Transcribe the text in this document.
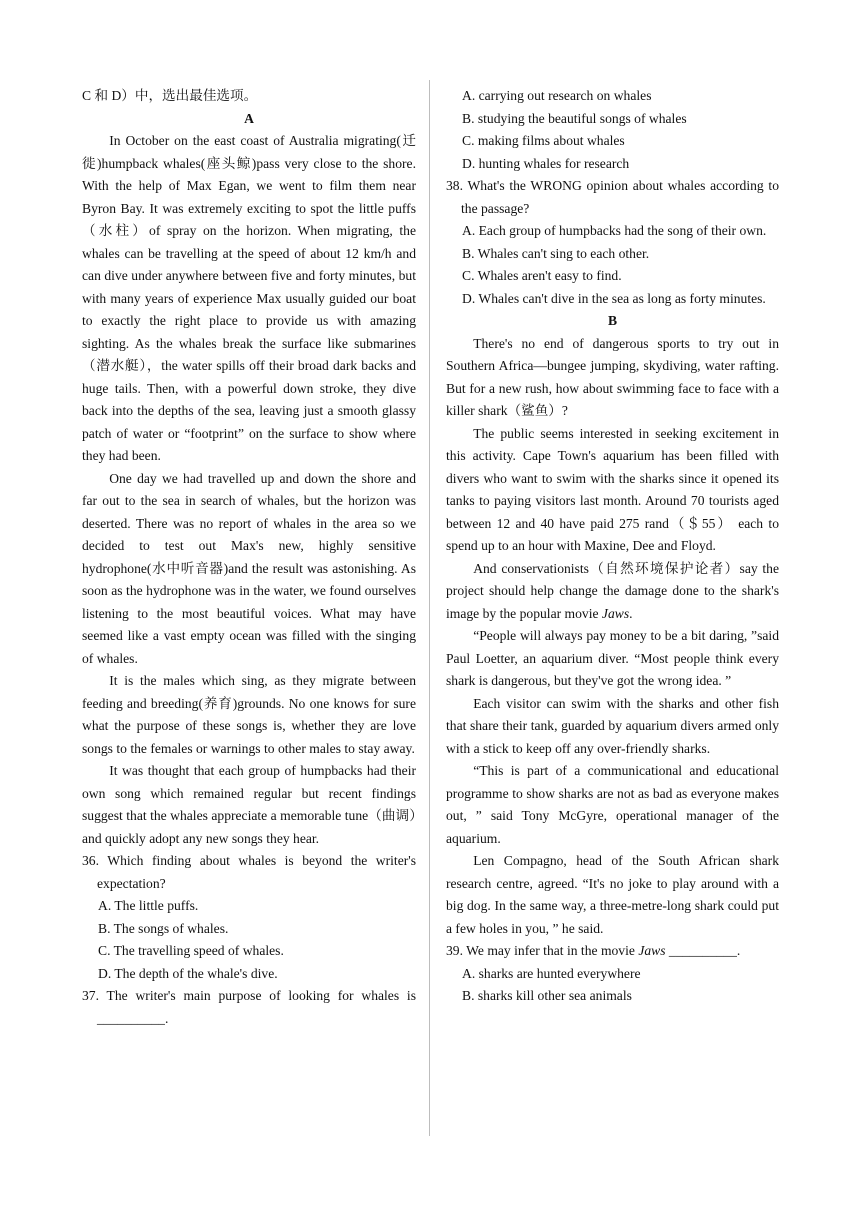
C 和 D）中，选出最佳选项。

A

In October on the east coast of Australia migrating(迁徙)humpback whales(座头鲸)pass very close to the shore. With the help of Max Egan, we went to film them near Byron Bay. It was extremely exciting to spot the little puffs（水柱）of spray on the horizon. When migrating, the whales can be travelling at the speed of about 12 km/h and can dive under anywhere between five and forty minutes, but with many years of experience Max usually guided our boat to exactly the right place to provide us with amazing sighting. As the whales break the surface like submarines（潜水艇），the water spills off their broad dark backs and huge tails. Then, with a powerful down stroke, they dive back into the depths of the sea, leaving just a smooth glassy patch of water or “footprint” on the surface to show where they had been.

One day we had travelled up and down the shore and far out to the sea in search of whales, but the horizon was deserted. There was no report of whales in the area so we decided to test out Max's new, highly sensitive hydrophone(水中听音器)and the result was astonishing. As soon as the hydrophone was in the water, we found ourselves listening to the most beautiful voices. What may have seemed like a vast empty ocean was filled with the singing of whales.

It is the males which sing, as they migrate between feeding and breeding(养育)grounds. No one knows for sure what the purpose of these songs is, whether they are love songs to the females or warnings to other males to stay away.

It was thought that each group of humpbacks had their own song which remained regular but recent findings suggest that the whales appreciate a memorable tune（曲调）and quickly adopt any new songs they hear.

36. Which finding about whales is beyond the writer's expectation?

A. The little puffs.

B. The songs of whales.

C. The travelling speed of whales.

D. The depth of the whale's dive.

37. The writer's main purpose of looking for whales is __________.

A. carrying out research on whales

B. studying the beautiful songs of whales

C. making films about whales

D. hunting whales for research

38. What's the WRONG opinion about whales according to the passage?

A. Each group of humpbacks had the song of their own.

B. Whales can't sing to each other.

C. Whales aren't easy to find.

D. Whales can't dive in the sea as long as forty minutes.

B

There's no end of dangerous sports to try out in Southern Africa—bungee jumping, skydiving, water rafting. But for a new rush, how about swimming face to face with a killer shark（鲨鱼）?

The public seems interested in seeking excitement in this activity. Cape Town's aquarium has been filled with divers who want to swim with the sharks since it opened its tanks to paying visitors last month. Around 70 tourists aged between 12 and 40 have paid 275 rand（＄55） each to spend up to an hour with Maxine, Dee and Floyd.

And conservationists（自然环境保护论者）say the project should help change the damage done to the shark's image by the popular movie Jaws.

“People will always pay money to be a bit daring, ”said Paul Loetter, an aquarium diver. “Most people think every shark is dangerous, but they've got the wrong idea. ”

Each visitor can swim with the sharks and other fish that share their tank, guarded by aquarium divers armed only with a stick to keep off any over-friendly sharks.

“This is part of a communicational and educational programme to show sharks are not as bad as everyone makes out, ” said Tony McGyre, operational manager of the aquarium.

Len Compagno, head of the South African shark research centre, agreed. “It's no joke to play around with a big dog. In the same way, a three-metre-long shark could put a few holes in you, ” he said.

39. We may infer that in the movie Jaws __________.

A. sharks are hunted everywhere

B. sharks kill other sea animals
